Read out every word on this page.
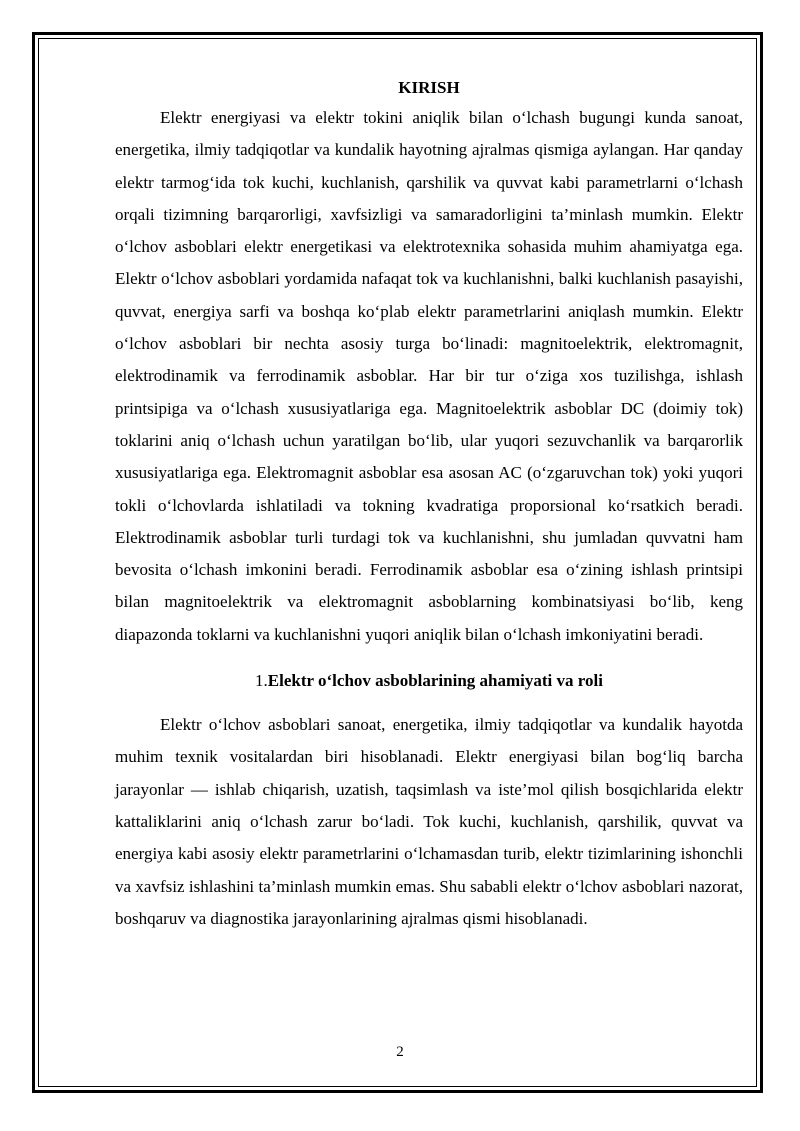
KIRISH

Elektr energiyasi va elektr tokini aniqlik bilan o‘lchash bugungi kunda sanoat, energetika, ilmiy tadqiqotlar va kundalik hayotning ajralmas qismiga aylangan. Har qanday elektr tarmog‘ida tok kuchi, kuchlanish, qarshilik va quvvat kabi parametrlarni o‘lchash orqali tizimning barqarorligi, xavfsizligi va samaradorligini ta’minlash mumkin. Elektr o‘lchov asboblari elektr energetikasi va elektrotexnika sohasida muhim ahamiyatga ega. Elektr o‘lchov asboblari yordamida nafaqat tok va kuchlanishni, balki kuchlanish pasayishi, quvvat, energiya sarfi va boshqa ko‘plab elektr parametrlarini aniqlash mumkin. Elektr o‘lchov asboblari bir nechta asosiy turga bo‘linadi: magnitoelektrik, elektromagnit, elektrodinamik va ferrodinamik asboblar. Har bir tur o‘ziga xos tuzilishga, ishlash printsipiga va o‘lchash xususiyatlariga ega. Magnitoelektrik asboblar DC (doimiy tok) toklarini aniq o‘lchash uchun yaratilgan bo‘lib, ular yuqori sezuvchanlik va barqarorlik xususiyatlariga ega. Elektromagnit asboblar esa asosan AC (o‘zgaruvchan tok) yoki yuqori tokli o‘lchovlarda ishlatiladi va tokning kvadratiga proporsional ko‘rsatkich beradi. Elektrodinamik asboblar turli turdagi tok va kuchlanishni, shu jumladan quvvatni ham bevosita o‘lchash imkonini beradi. Ferrodinamik asboblar esa o‘zining ishlash printsipi bilan magnitoelektrik va elektromagnit asboblarning kombinatsiyasi bo‘lib, keng diapazonda toklarni va kuchlanishni yuqori aniqlik bilan o‘lchash imkoniyatini beradi.

1.Elektr o‘lchov asboblarining ahamiyati va roli

Elektr o‘lchov asboblari sanoat, energetika, ilmiy tadqiqotlar va kundalik hayotda muhim texnik vositalardan biri hisoblanadi. Elektr energiyasi bilan bog‘liq barcha jarayonlar — ishlab chiqarish, uzatish, taqsimlash va iste’mol qilish bosqichlarida elektr kattaliklarini aniq o‘lchash zarur bo‘ladi. Tok kuchi, kuchlanish, qarshilik, quvvat va energiya kabi asosiy elektr parametrlarini o‘lchamasdan turib, elektr tizimlarining ishonchli va xavfsiz ishlashini ta’minlash mumkin emas. Shu sababli elektr o‘lchov asboblari nazorat, boshqaruv va diagnostika jarayonlarining ajralmas qismi hisoblanadi.

2
